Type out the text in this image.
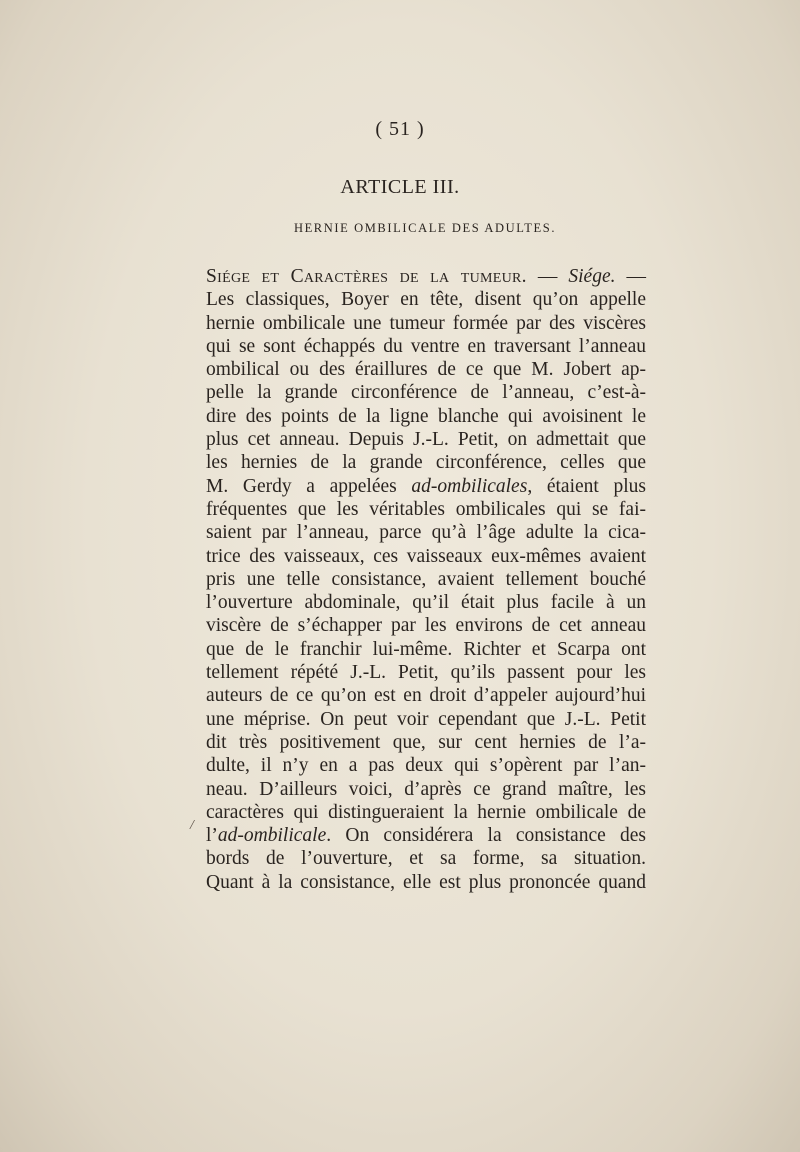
( 51 )
ARTICLE III.
HERNIE OMBILICALE DES ADULTES.
Siége et Caractères de la tumeur. — Siége. —
Les classiques, Boyer en tête, disent qu’on appelle
hernie ombilicale une tumeur formée par des viscères
qui se sont échappés du ventre en traversant l’anneau
ombilical ou des éraillures de ce que M. Jobert ap-
pelle la grande circonférence de l’anneau, c’est-à-
dire des points de la ligne blanche qui avoisinent le
plus cet anneau. Depuis J.-L. Petit, on admettait que
les hernies de la grande circonférence, celles que
M. Gerdy a appelées ad-ombilicales, étaient plus
fréquentes que les véritables ombilicales qui se fai-
saient par l’anneau, parce qu’à l’âge adulte la cica-
trice des vaisseaux, ces vaisseaux eux-mêmes avaient
pris une telle consistance, avaient tellement bouché
l’ouverture abdominale, qu’il était plus facile à un
viscère de s’échapper par les environs de cet anneau
que de le franchir lui-même. Richter et Scarpa ont
tellement répété J.-L. Petit, qu’ils passent pour les
auteurs de ce qu’on est en droit d’appeler aujourd’hui
une méprise. On peut voir cependant que J.-L. Petit
dit très positivement que, sur cent hernies de l’a-
dulte, il n’y en a pas deux qui s’opèrent par l’an-
neau. D’ailleurs voici, d’après ce grand maître, les
caractères qui distingueraient la hernie ombilicale de
l’ad-ombilicale. On considérera la consistance des
bords de l’ouverture, et sa forme, sa situation.
Quant à la consistance, elle est plus prononcée quand
/
